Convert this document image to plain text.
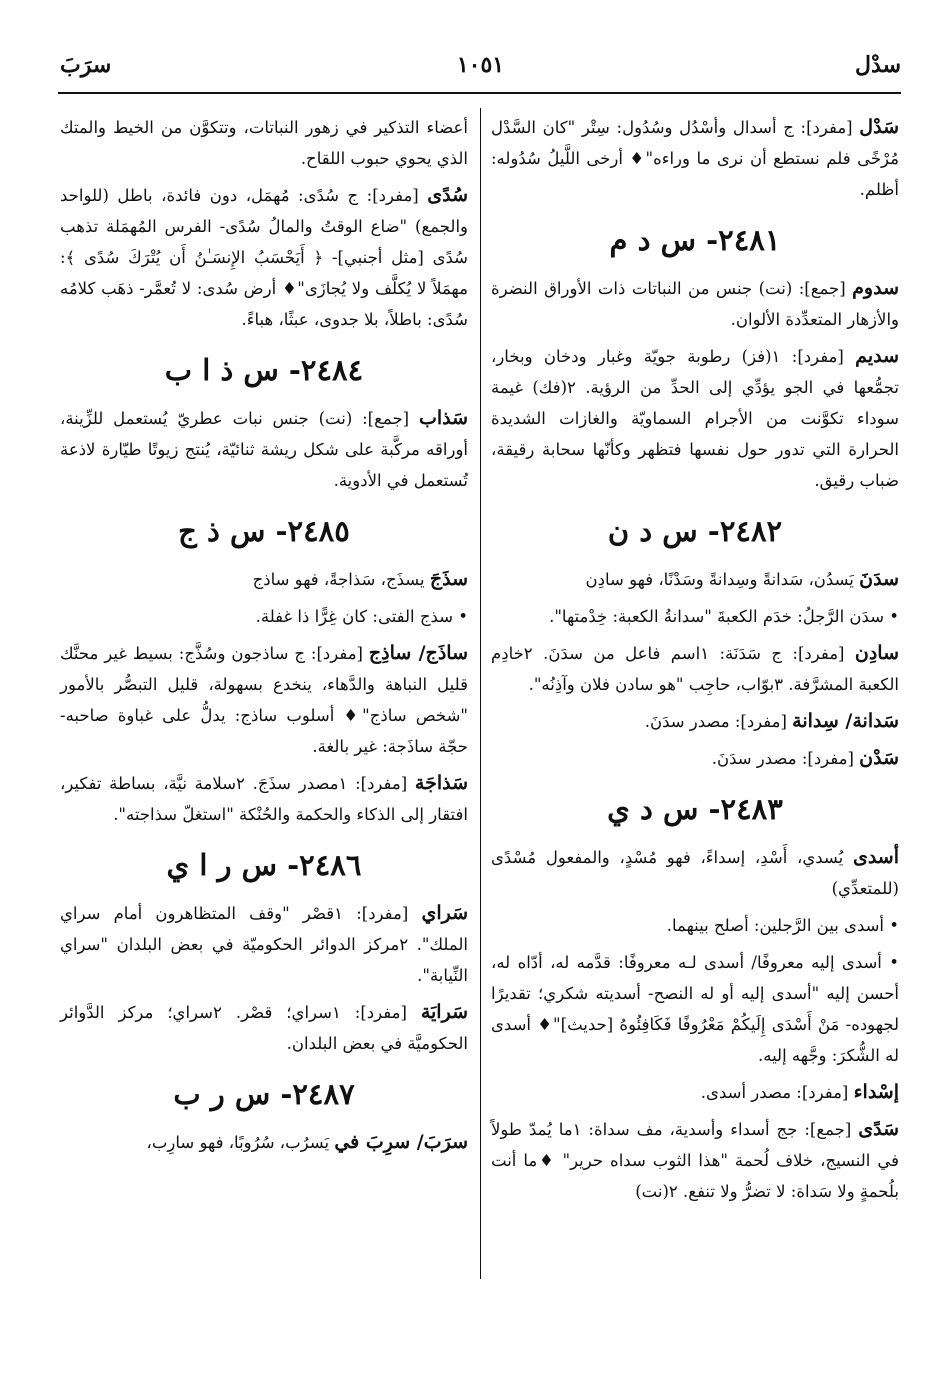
سدْل
١٠٥١
سرَبَ

سَدْل [مفرد]: ج أسدال وأسْدُل وسُدُول: سِتْر "كان السَّدْل مُرْخًى فلم نستطع أن نرى ما وراءه"♦ أرخى اللَّيلُ سُدُوله: أظلم.

٢٤٨١- س د م

سدوم [جمع]: (نت) جنس من النباتات ذات الأوراق النضرة والأزهار المتعدِّدة الألوان.

سديم [مفرد]: ١(فز) رطوبة جويّة وغبار ودخان وبخار، تجمُّعها في الجو يؤدِّي إلى الحدِّ من الرؤية. ٢(فك) غيمة سوداء تكوَّنت من الأجرام السماويّة والغازات الشديدة الحرارة التي تدور حول نفسها فتظهر وكأنّها سحابة رقيقة، ضباب رقيق.

٢٤٨٢- س د ن

سدَنَ يَسدُن، سَدانةً وسِدانةً وسَدْنًا، فهو سادِن

• سدَن الرَّجلُ: خدَم الكعبةَ "سدانةُ الكعبة: خِدْمتها".

سادِن [مفرد]: ج سَدَنَة: ١اسم فاعل من سدَنَ. ٢خادِم الكعبة المشرَّفة. ٣بوّاب، حاجِب "هو سادن فلان وآذِنُه".

سَدانة/ سِدانة [مفرد]: مصدر سدَنَ.

سَدْن [مفرد]: مصدر سدَنَ.

٢٤٨٣- س د ي

أسدى يُسدي، أَسْدِ، إسداءً، فهو مُسْدٍ، والمفعول مُسْدًى (للمتعدِّي)

• أسدى بين الرَّجلين: أصلح بينهما.

• أسدى إليه معروفًا/ أسدى لـه معروفًا: قدَّمه له، أدّاه له، أحسن إليه "أسدى إليه أو له النصح- أسديته شكري؛ تقديرًا لجهوده- مَنْ أَسْدَى إِلَيكُمْ مَعْرُوفًا فَكَافِئُوهُ [حديث]"♦ أسدى له الشُّكرَ: وجَّهه إليه.

إسْداء [مفرد]: مصدر أسدى.

سَدًى [جمع]: جج أسداء وأسدية، مف سداة: ١ما يُمدّ طولاً في النسيج، خلاف لُحمة "هذا الثوب سداه حرير" ♦ما أنت بلُحمةٍ ولا سَداة: لا تضرُّ ولا تنفع. ٢(نت)

أعضاء التذكير في زهور النباتات، وتتكوَّن من الخيط والمتك الذي يحوي حبوب اللقاح.

سُدًى [مفرد]: ج سُدًى: مُهمَل، دون فائدة، باطل (للواحد والجمع) "ضاع الوقتُ والمالُ سُدًى- الفرس المُهمَلة تذهب سُدًى [مثل أجنبي]- ﴿ أَيَحْسَبُ الإِنسَـٰنُ أَن يُتْرَكَ سُدًى ﴾: مهمَلاً لا يُكلَّف ولا يُجازَى"♦ أرض سُدى: لا تُعمَّر- ذهَب كلامُه سُدًى: باطلاً، بلا جدوى، عبثًا، هباءً.

٢٤٨٤- س ذ ا ب

سَذاب [جمع]: (نت) جنس نبات عطريّ يُستعمل للزِّينة، أوراقه مركَّبة على شكل ريشة ثنائيّة، يُنتج زيوتًا طيّارة لاذعة تُستعمل في الأدوية.

٢٤٨٥- س ذ ج

سذَجَ يسذَج، سَذاجةً، فهو ساذج

• سذج الفتى: كان غِرًّا ذا غفلة.

ساذَج/ ساذِج [مفرد]: ج ساذجون وسُذَّج: بسيط غير محنَّك قليل النباهة والدَّهاء، ينخدع بسهولة، قليل التبصُّر بالأمور "شخص ساذج"♦ أسلوب ساذج: يدلُّ على غباوة صاحبه- حجّة ساذَجة: غير بالغة.

سَذاجَة [مفرد]: ١مصدر سذَجَ. ٢سلامة نيَّة، بساطة تفكير، افتقار إلى الذكاء والحكمة والحُنْكة "استغلّ سذاجته".

٢٤٨٦- س ر ا ي

سَراي [مفرد]: ١قصْر "وقف المتظاهرون أمام سراي الملك". ٢مركز الدوائر الحكوميّة في بعض البلدان "سراي النِّيابة".

سَرايَة [مفرد]: ١سراي؛ قصْر. ٢سراي؛ مركز الدَّوائر الحكوميَّة في بعض البلدان.

٢٤٨٧- س ر ب

سرَبَ/ سرِبَ في يَسرُب، سُرُوبًا، فهو سارِب،
